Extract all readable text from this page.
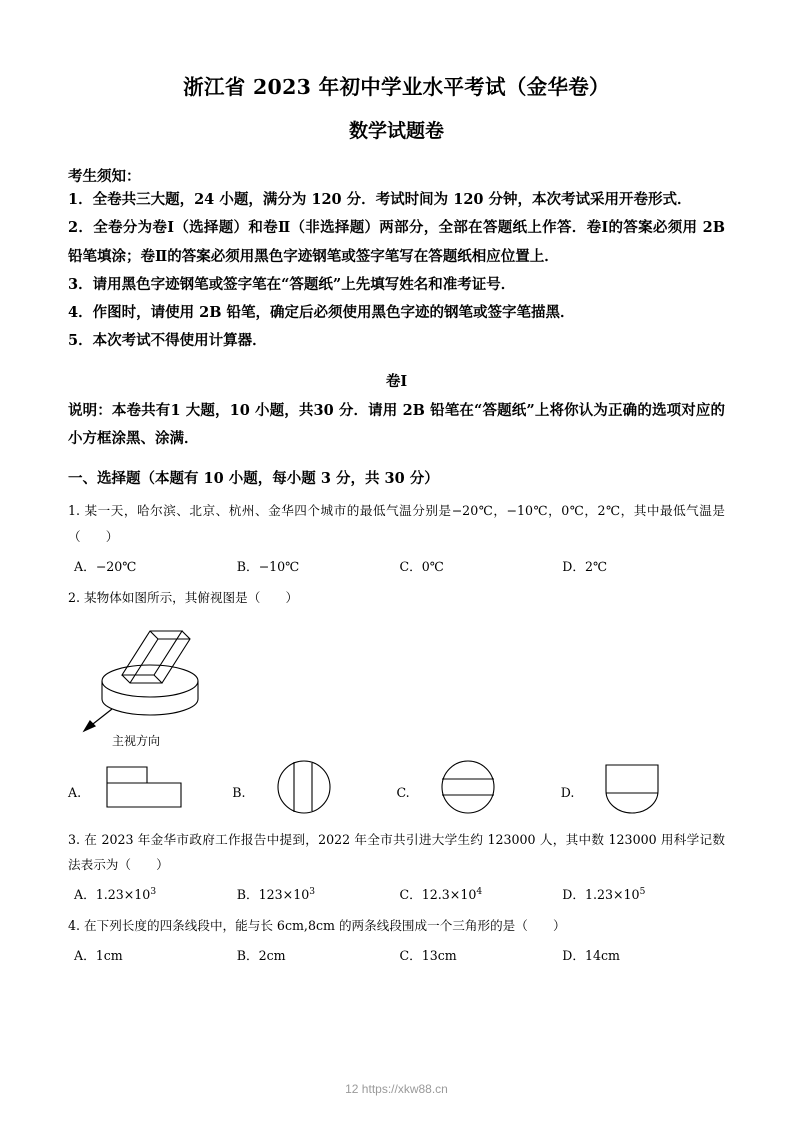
浙江省 2023 年初中学业水平考试（金华卷）
数学试题卷
考生须知：
1．全卷共三大题，24 小题，满分为 120 分．考试时间为 120 分钟，本次考试采用开卷形式．
2．全卷分为卷Ⅰ（选择题）和卷Ⅱ（非选择题）两部分，全部在答题纸上作答．卷Ⅰ的答案必须用 2B 铅笔填涂；卷Ⅱ的答案必须用黑色字迹钢笔或签字笔写在答题纸相应位置上．
3．请用黑色字迹钢笔或签字笔在“答题纸”上先填写姓名和准考证号．
4．作图时，请使用 2B 铅笔，确定后必须使用黑色字迹的钢笔或签字笔描黑．
5．本次考试不得使用计算器．
卷Ⅰ
说明：本卷共有1 大题，10 小题，共30 分．请用 2B 铅笔在“答题纸”上将你认为正确的选项对应的小方框涂黑、涂满．
一、选择题（本题有 10 小题，每小题 3 分，共 30 分）
1. 某一天，哈尔滨、北京、杭州、金华四个城市的最低气温分别是−20℃，−10℃，0℃，2℃，其中最低气温是（　　）
A．−20℃	B．−10℃	C．0℃	D．2℃
2. 某物体如图所示，其俯视图是（　　）
主视方向
A.	B.	C.	D.
3. 在 2023 年金华市政府工作报告中提到，2022 年全市共引进大学生约 123000 人，其中数 123000 用科学记数法表示为（　　）
A．$1.23\times 10^3$	B．$123\times 10^3$	C．$12.3\times 10^4$	D．$1.23\times 10^5$
4. 在下列长度的四条线段中，能与长 6cm,8cm 的两条线段围成一个三角形的是（　　）
A．1cm	B．2cm	C．13cm	D．14cm
12 https://xkw88.cn
